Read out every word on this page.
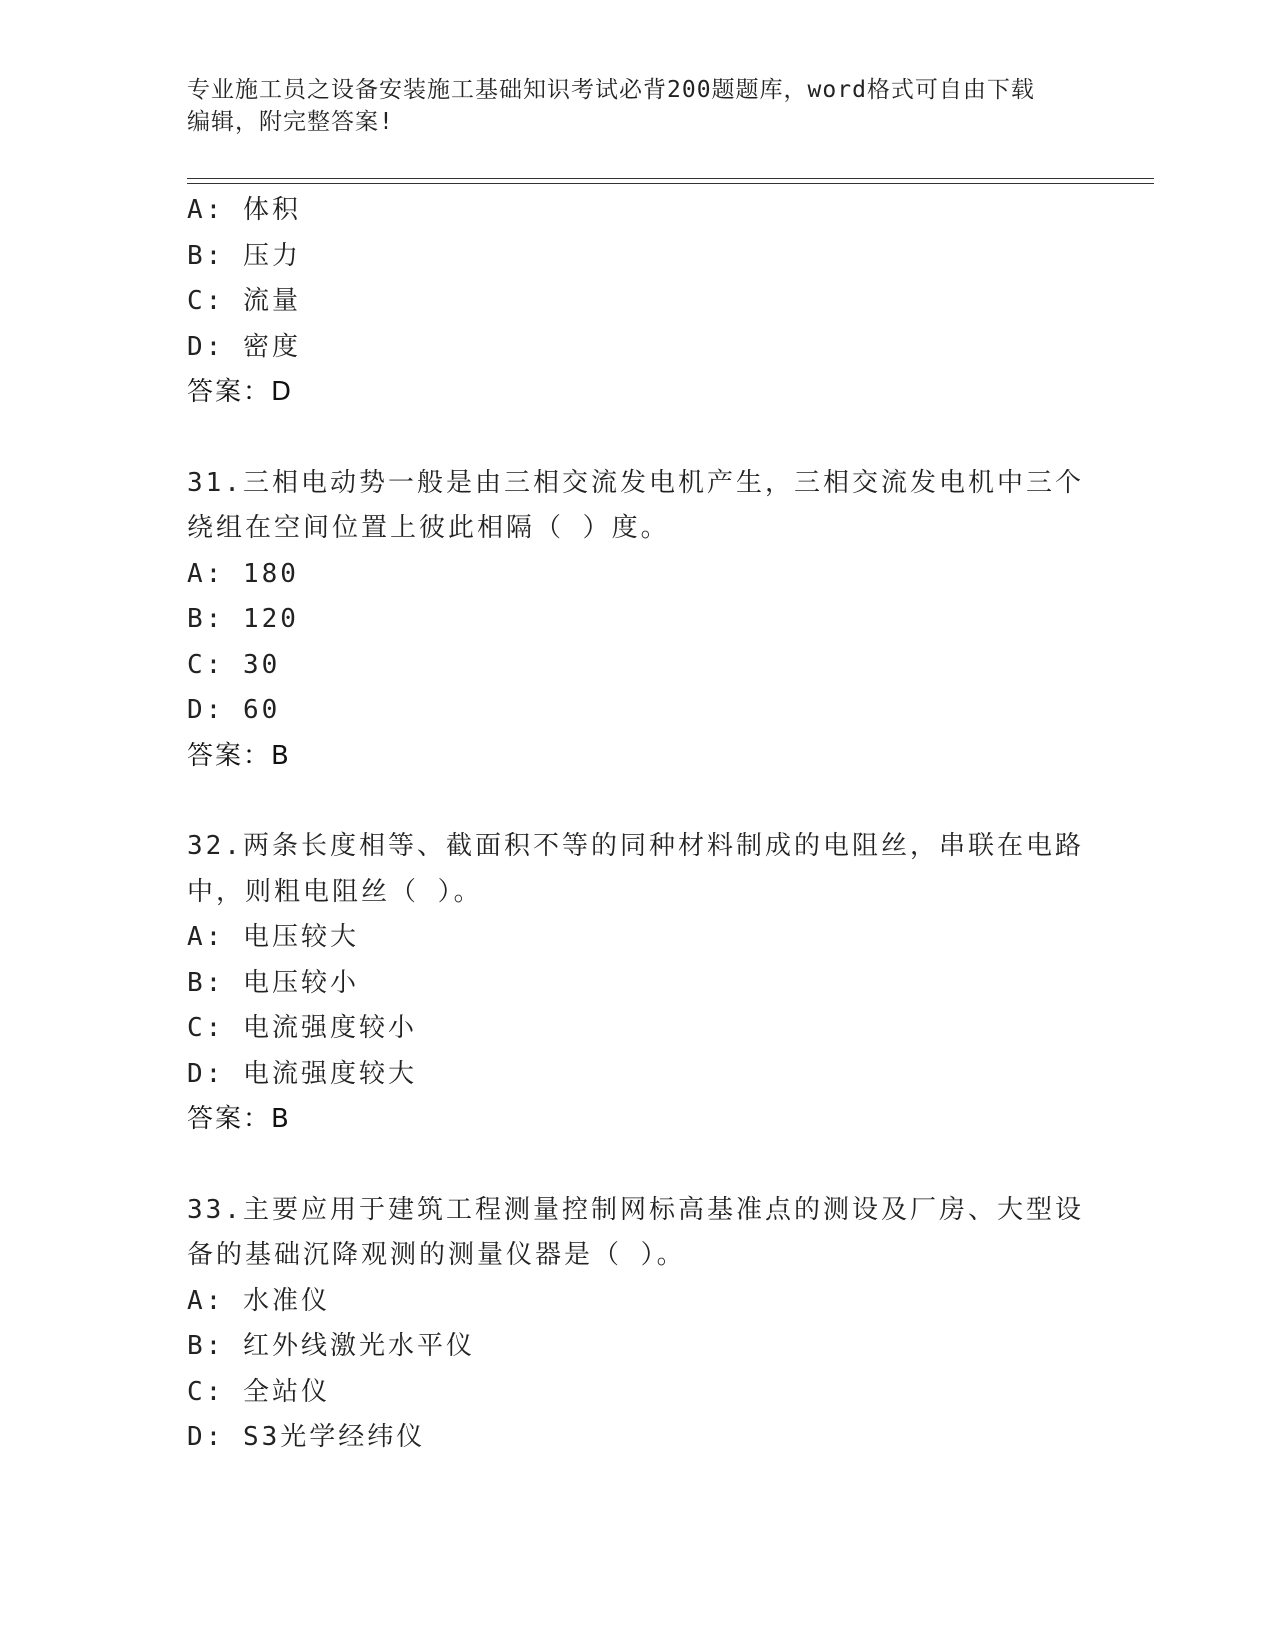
专业施工员之设备安装施工基础知识考试必背200题题库，word格式可自由下载
编辑，附完整答案!
A: 体积
B: 压力
C: 流量
D: 密度
答案：D
31.三相电动势一般是由三相交流发电机产生，三相交流发电机中三个
绕组在空间位置上彼此相隔（ ）度。
A: 180
B: 120
C: 30
D: 60
答案：B
32.两条长度相等、截面积不等的同种材料制成的电阻丝，串联在电路
中，则粗电阻丝（ ）。
A: 电压较大
B: 电压较小
C: 电流强度较小
D: 电流强度较大
答案：B
33.主要应用于建筑工程测量控制网标高基准点的测设及厂房、大型设
备的基础沉降观测的测量仪器是（ ）。
A: 水准仪
B: 红外线激光水平仪
C: 全站仪
D: S3光学经纬仪
